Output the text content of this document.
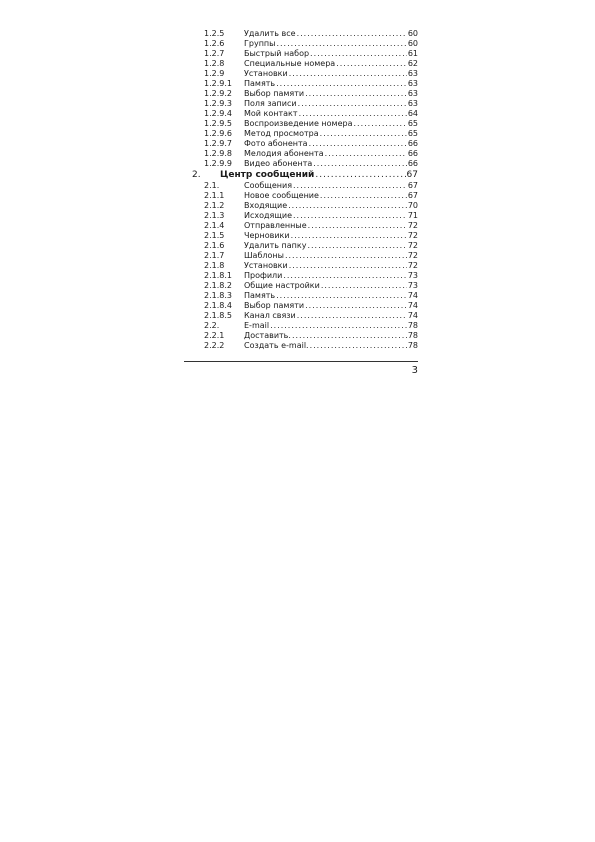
1.2.5 Удалить все .....	60
1.2.6 Группы .....	60
1.2.7 Быстрый набор .....	61
1.2.8 Специальные номера .....	62
1.2.9 Установки .....	63
1.2.9.1 Память .....	63
1.2.9.2 Выбор памяти .....	63
1.2.9.3 Поля записи .....	63
1.2.9.4 Мой контакт .....	64
1.2.9.5 Воспроизведение номера .....	65
1.2.9.6 Метод просмотра .....	65
1.2.9.7 Фото абонента .....	66
1.2.9.8 Мелодия абонента .....	66
1.2.9.9 Видео абонента .....	66
2. Центр сообщений .....	67
2.1.	Сообщения .....	67
2.1.1 Новое сообщение .....	67
2.1.2 Входящие .....	70
2.1.3 Исходящие .....	71
2.1.4 Отправленные .....	72
2.1.5 Черновики .....	72
2.1.6 Удалить папку .....	72
2.1.7 Шаблоны .....	72
2.1.8 Установки .....	72
2.1.8.1 Профили .....	73
2.1.8.2 Общие настройки .....	73
2.1.8.3 Память .....	74
2.1.8.4 Выбор памяти .....	74
2.1.8.5 Канал связи .....	74
2.2.	E-mail .....	78
2.2.1 Доставить. .....	78
2.2.2 Создать e-mail. .....	78
3
